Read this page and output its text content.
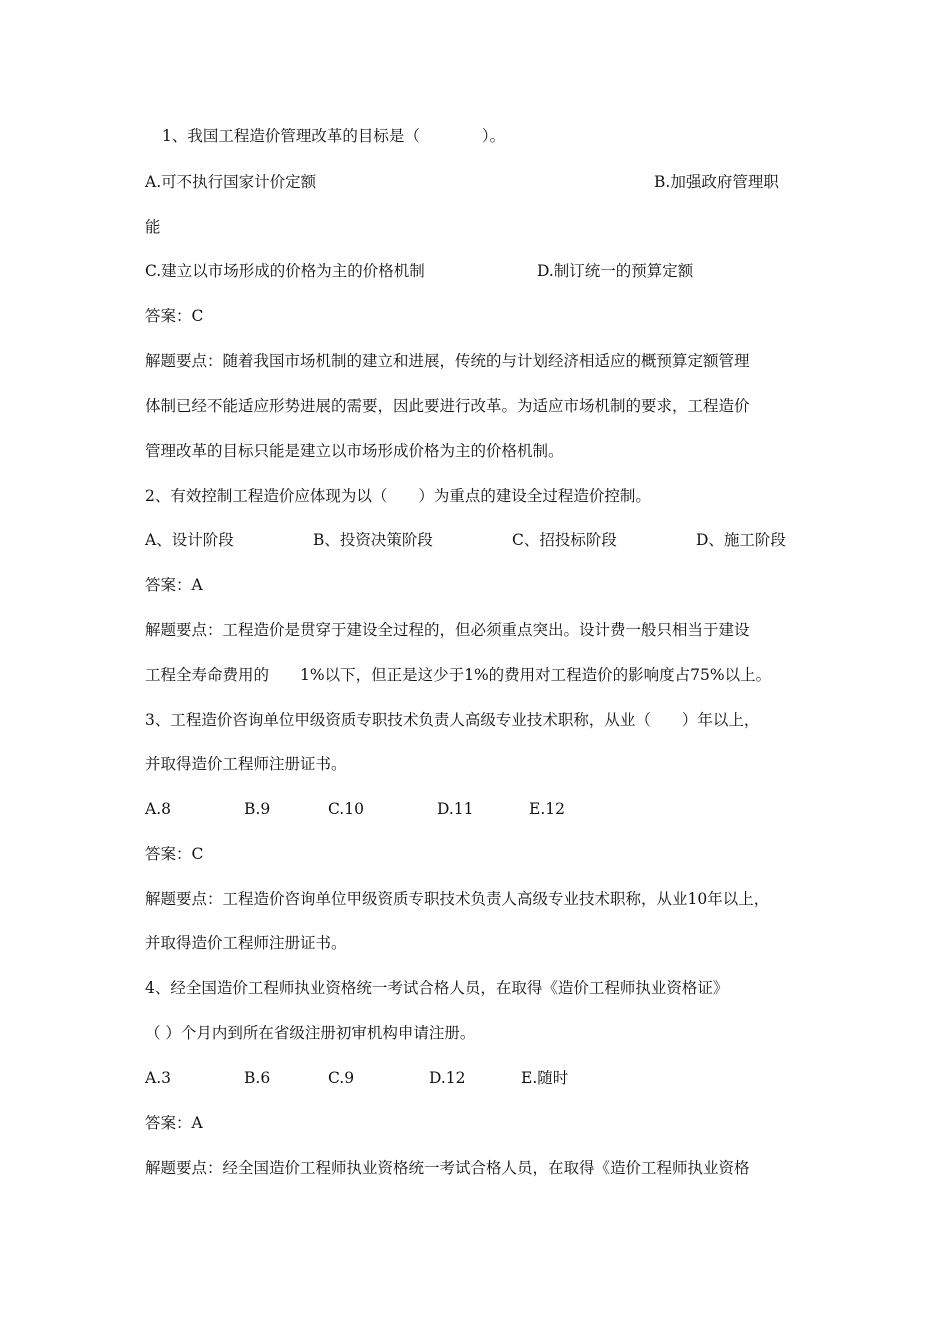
1、我国工程造价管理改革的目标是（　　　　）。
A.可不执行国家计价定额	B.加强政府管理职
能
C.建立以市场形成的价格为主的价格机制	D.制订统一的预算定额
答案：C
解题要点：随着我国市场机制的建立和进展，传统的与计划经济相适应的概预算定额管理
体制已经不能适应形势进展的需要，因此要进行改革。为适应市场机制的要求，工程造价
管理改革的目标只能是建立以市场形成价格为主的价格机制。
2、有效控制工程造价应体现为以（　　）为重点的建设全过程造价控制。
A、设计阶段	B、投资决策阶段	C、招投标阶段	D、施工阶段
答案：A
解题要点：工程造价是贯穿于建设全过程的，但必须重点突出。设计费一般只相当于建设
工程全寿命费用的　　1%以下，但正是这少于1%的费用对工程造价的影响度占75%以上。
3、工程造价咨询单位甲级资质专职技术负责人高级专业技术职称，从业（　　）年以上，
并取得造价工程师注册证书。
A.8	B.9	C.10	D.11	E.12
答案：C
解题要点：工程造价咨询单位甲级资质专职技术负责人高级专业技术职称，从业10年以上，
并取得造价工程师注册证书。
4、经全国造价工程师执业资格统一考试合格人员，在取得《造价工程师执业资格证》
（ ）个月内到所在省级注册初审机构申请注册。
A.3	B.6	C.9	D.12	E.随时
答案：A
解题要点：经全国造价工程师执业资格统一考试合格人员，在取得《造价工程师执业资格
